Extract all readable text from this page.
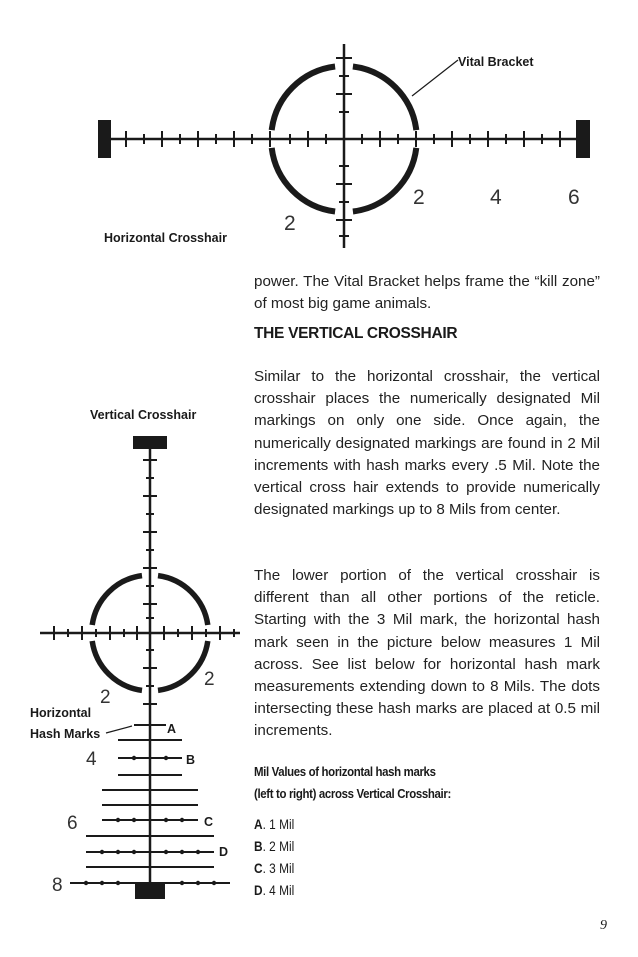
2
2	4	6
Vital Bracket
Horizontal Crosshair
2
2
4
6
8
A
B
C
D
Vertical Crosshair
Horizontal
Hash Marks

power. The Vital Bracket helps frame the “kill zone” of most big game animals.

THE VERTICAL CROSSHAIR

Similar to the horizontal crosshair, the vertical crosshair places the numerically designated Mil markings on only one side. Once again, the numerically designated markings are found in 2 Mil increments with hash marks every .5 Mil. Note the vertical cross hair extends to provide numerically designated markings up to 8 Mils from center.

The lower portion of the vertical crosshair is different than all other portions of the reticle. Starting with the 3 Mil mark, the horizontal hash mark seen in the picture below measures 1 Mil across. See list below for horizontal hash mark measurements extending down to 8 Mils. The dots intersecting these hash marks are placed at 0.5 mil increments.

Mil Values of horizontal hash marks
(left to right) across Vertical Crosshair:
A. 1 Mil
B. 2 Mil
C. 3 Mil
D. 4 Mil
9
